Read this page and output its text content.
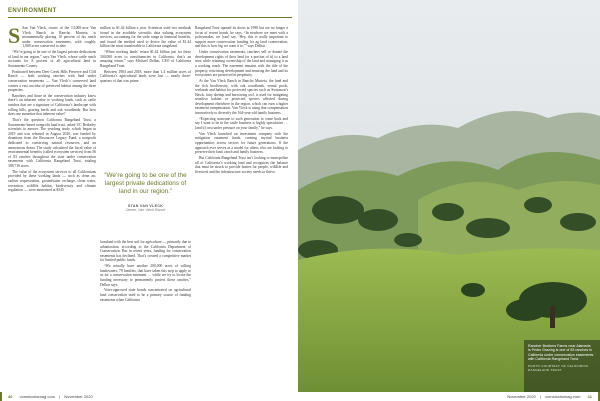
ENVIRONMENT

S San Van Vleck, owner of the 13,000-acre Van Vleck Ranch in Rancho Murieta, is monumentally placing 10 percent of his ranch under conservation easements, with roughly 1,800 acres conserved to date.

“We’re going to be one of the largest private dedications of land in our region,” says Van Vleck, whose cattle ranch accounts for 8 percent of all agricultural land in Sacramento County.

Positioned between Deer Creek Hills Preserve and Cliff Ranch — both working ranches with land under conservation easements — Van Vleck’s conserved land creates a vast corridor of preserved habitat among the three properties.

Ranchers and those in the conservation industry know there’s an inherent value to working lands, such as cattle ranches that are a signature of California’s landscape with rolling hills, grazing herds and oak woodlands. But how does one monetize that inherent value?

That’s the question California Rangeland Trust, a Sacramento-based nonprofit land trust, asked UC Berkeley scientists to answer. The yearlong study, which began in 2019 and was released in August 2020, was funded by donations from the Resources Legacy Fund, a nonprofit dedicated to conserving natural resources, and an anonymous donor. The study calculated the fiscal value of environmental benefits (called ecosystem services) from 56 of 83 ranches throughout the state under conservation easements with California Rangeland Trust, totaling 308,716 acres.

The value of the ecosystem services to all Californians provided by these working lands — such as clean air, carbon sequestration, groundwater recharge, clean water, recreation, wildlife habitat, biodiversity and climate regulation — were monetized at $345

million to $1.44 billion a year. Scientists used two methods found in the available scientific data valuing ecosystem services, accounting for the wide range in financial benefits, and found the method used to derive the value of $1.44 billion the most transferable to California rangeland.

“When working lands’ return $1.44 billion just for these 300,000 acres to constituencies in California, that’s an amazing return,” says Michael Delbar, CEO of California Rangeland Trust.

Between 1984 and 2018, more than 1.4 million acres of California’s agricultural lands were lost — nearly three-quarters of that was prime

“We’re going to be one of the largest private dedications of land in our region.”
STAN VAN VLECK
Owner, Van Vleck Ranch

farmland with the best soil for agriculture — primarily due to urbanization, according to the California Department of Conservation. But in recent years, funding for conservation easements has declined. That’s created a competitive market for limited public funds.

“We actually have another 200,000 acres of willing landowners, 79 families, that have taken this step to apply to us for a conservation easement … while we try to locate the funding necessary to permanently protect those ranches,” Delbar says.

Voter-approved state bonds concentrated on agricultural land conservation used to be a primary source of funding easements when California

Rangeland Trust opened its doors in 1998 but are no longer a focus of recent bonds, he says. “In nowhere we meet with a policymaker, we [can] say, ‘Hey, this is really important to support more conservation funding for ag land conservation, and this is how big we want it to,’” says Delbar.

Under conservation easements, ranchers sell or donate the development rights of their land (or a portion of it) to a land trust while retaining ownership of the land and managing it as a working ranch. The easement remains with the title of the property, restricting development and ensuring the land and its ecosystems are preserved in perpetuity.

At the Van Vleck Ranch in Rancho Murieta, the land and the rich biodiversity, with oak woodlands, vernal pools, wetlands and habitat for protected species such as Swainson’s Hawk, fairy shrimp and burrowing owl, is used for mitigating sensitive habitat or protected species affected during development elsewhere in the region, which can earn a higher easement compensation. Van Vleck is using that compensation innovatively to diversify the 164-year-old family business.

“Expecting someone to such generation to come back and say I want to be in the cattle business is highly speculative … [and it] cost under pressure on your family,” he says.

Van Vleck launched an investment company with the mitigation easement funds, creating myriad business opportunities across sectors for future generations. If the approach ever serves as a model for others who are looking to preserve their land, ranch and family business.

But California Rangeland Trust isn’t looking to monopolize all of California’s working land and recognizes the balance that must be struck to provide homes for people, wildlife and livestock and the infrastructure society needs to thrive.

Rancher Brothers Farms near Alameda is Pedro Grazing is one of 83 ranches in California under conservation easements with California Rangeland Trust.
PHOTO COURTESY OF CALIFORNIA RANGELAND TRUST
40 comstocksmag.com | November 2020	November 2020 | comstocksmag.com 41
